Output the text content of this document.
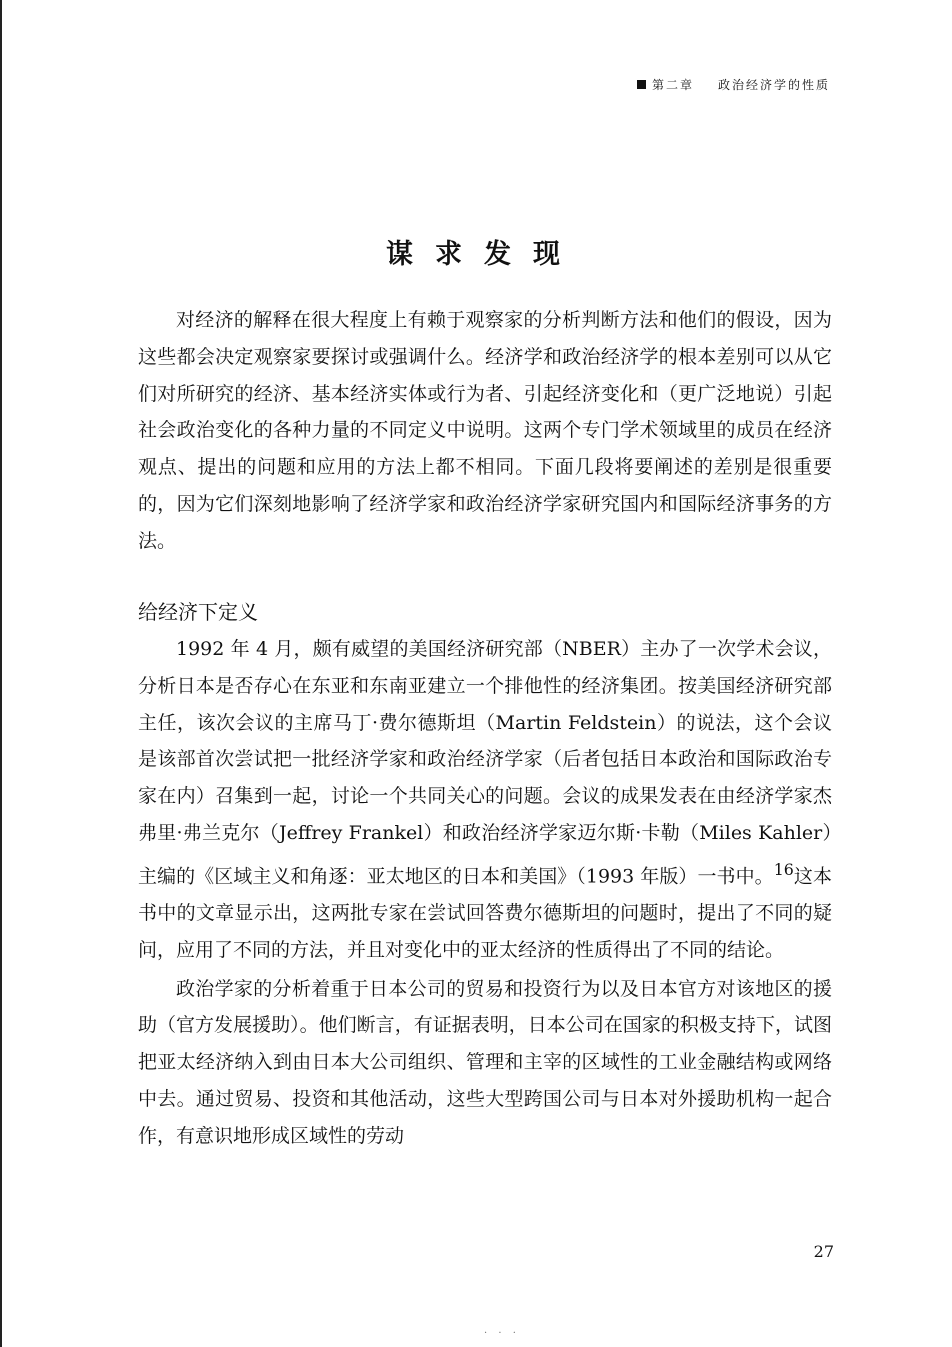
第二章 政治经济学的性质
谋求发现

对经济的解释在很大程度上有赖于观察家的分析判断方法和他们的假设，因为这些都会决定观察家要探讨或强调什么。经济学和政治经济学的根本差别可以从它们对所研究的经济、基本经济实体或行为者、引起经济变化和（更广泛地说）引起社会政治变化的各种力量的不同定义中说明。这两个专门学术领域里的成员在经济观点、提出的问题和应用的方法上都不相同。下面几段将要阐述的差别是很重要的，因为它们深刻地影响了经济学家和政治经济学家研究国内和国际经济事务的方法。

给经济下定义

1992 年 4 月，颇有威望的美国经济研究部（NBER）主办了一次学术会议，分析日本是否存心在东亚和东南亚建立一个排他性的经济集团。按美国经济研究部主任，该次会议的主席马丁·费尔德斯坦（Martin Feldstein）的说法，这个会议是该部首次尝试把一批经济学家和政治经济学家（后者包括日本政治和国际政治专家在内）召集到一起，讨论一个共同关心的问题。会议的成果发表在由经济学家杰弗里·弗兰克尔（Jeffrey Frankel）和政治经济学家迈尔斯·卡勒（Miles Kahler）主编的《区域主义和角逐：亚太地区的日本和美国》（1993 年版）一书中。$^{16}$这本书中的文章显示出，这两批专家在尝试回答费尔德斯坦的问题时，提出了不同的疑问，应用了不同的方法，并且对变化中的亚太经济的性质得出了不同的结论。

政治学家的分析着重于日本公司的贸易和投资行为以及日本官方对该地区的援助（官方发展援助）。他们断言，有证据表明，日本公司在国家的积极支持下，试图把亚太经济纳入到由日本大公司组织、管理和主宰的区域性的工业金融结构或网络中去。通过贸易、投资和其他活动，这些大型跨国公司与日本对外援助机构一起合作，有意识地形成区域性的劳动

27
· · ·
